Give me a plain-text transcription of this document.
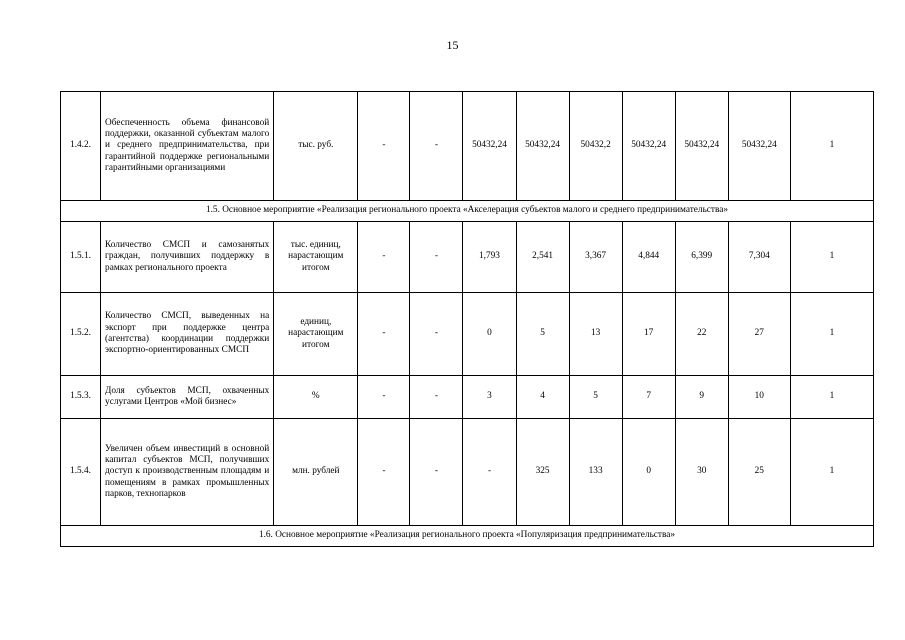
15
1.4.2.	Обеспеченность объема финансовой поддержки, оказанной субъектам малого и среднего предпринимательства, при гарантийной поддержке региональными гарантийными организациями	тыс. руб.	-	-	50432,24	50432,24	50432,2	50432,24	50432,24	50432,24	1
1.5. Основное мероприятие «Реализация регионального проекта «Акселерация субъектов малого и среднего предпринимательства»											
1.5.1.	Количество СМСП и самозанятых граждан, получивших поддержку в рамках регионального проекта	тыс. единиц, нарастающим итогом	-	-	1,793	2,541	3,367	4,844	6,399	7,304	1
1.5.2.	Количество СМСП, выведенных на экспорт при поддержке центра (агентства) координации поддержки экспортно-ориентированных СМСП	единиц, нарастающим итогом	-	-	0	5	13	17	22	27	1
1.5.3.	Доля субъектов МСП, охваченных услугами Центров «Мой бизнес»	%	-	-	3	4	5	7	9	10	1
1.5.4.	Увеличен объем инвестиций в основной капитал субъектов МСП, получивших доступ к производственным площадям и помещениям в рамках промышленных парков, технопарков	млн. рублей	-	-	-	325	133	0	30	25	1
1.6. Основное мероприятие «Реализация регионального проекта «Популяризация предпринимательства»											
